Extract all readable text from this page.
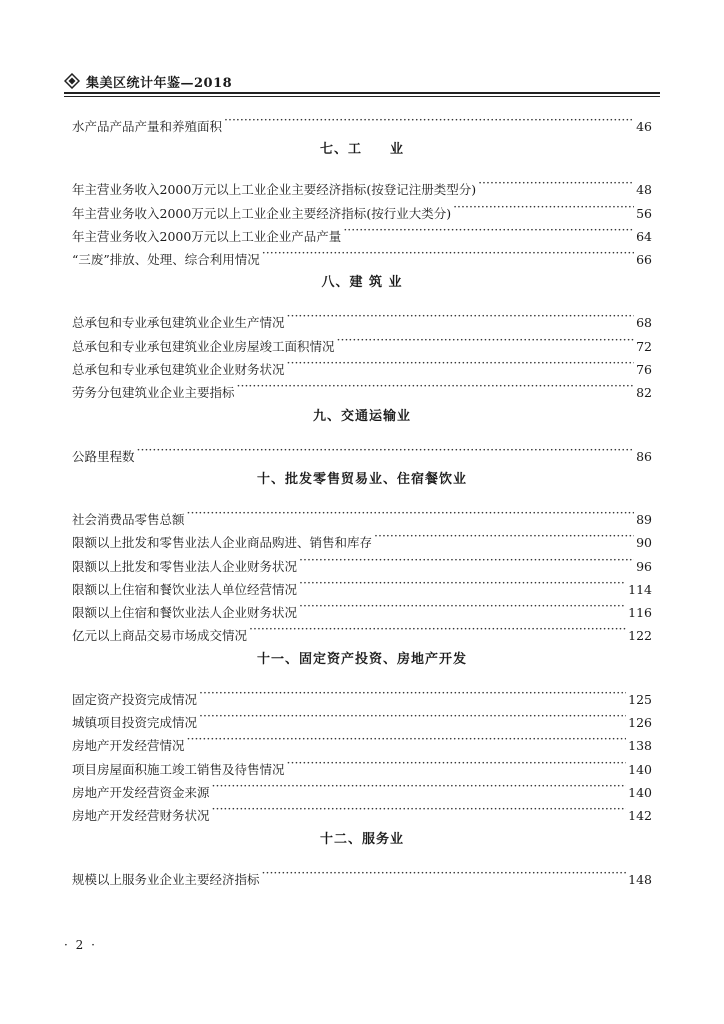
集美区统计年鉴—2018
水产品产品产量和养殖面积 ·····	46
七、工　　业
年主营业务收入2000万元以上工业企业主要经济指标(按登记注册类型分) ·····	48
年主营业务收入2000万元以上工业企业主要经济指标(按行业大类分) ·····	56
年主营业务收入2000万元以上工业企业产品产量 ·····	64
“三废”排放、处理、综合利用情况 ·····	66
八、建 筑 业
总承包和专业承包建筑业企业生产情况 ·····	68
总承包和专业承包建筑业企业房屋竣工面积情况 ·····	72
总承包和专业承包建筑业企业财务状况 ·····	76
劳务分包建筑业企业主要指标 ·····	82
九、交通运输业
公路里程数 ·····	86
十、批发零售贸易业、住宿餐饮业
社会消费品零售总额 ·····	89
限额以上批发和零售业法人企业商品购进、销售和库存 ·····	90
限额以上批发和零售业法人企业财务状况 ·····	96
限额以上住宿和餐饮业法人单位经营情况 ·····	114
限额以上住宿和餐饮业法人企业财务状况 ·····	116
亿元以上商品交易市场成交情况 ·····	122
十一、固定资产投资、房地产开发
固定资产投资完成情况 ·····	125
城镇项目投资完成情况 ·····	126
房地产开发经营情况 ·····	138
项目房屋面积施工竣工销售及待售情况 ·····	140
房地产开发经营资金来源 ·····	140
房地产开发经营财务状况 ·····	142
十二、服务业
规模以上服务业企业主要经济指标 ·····	148
· 2 ·
